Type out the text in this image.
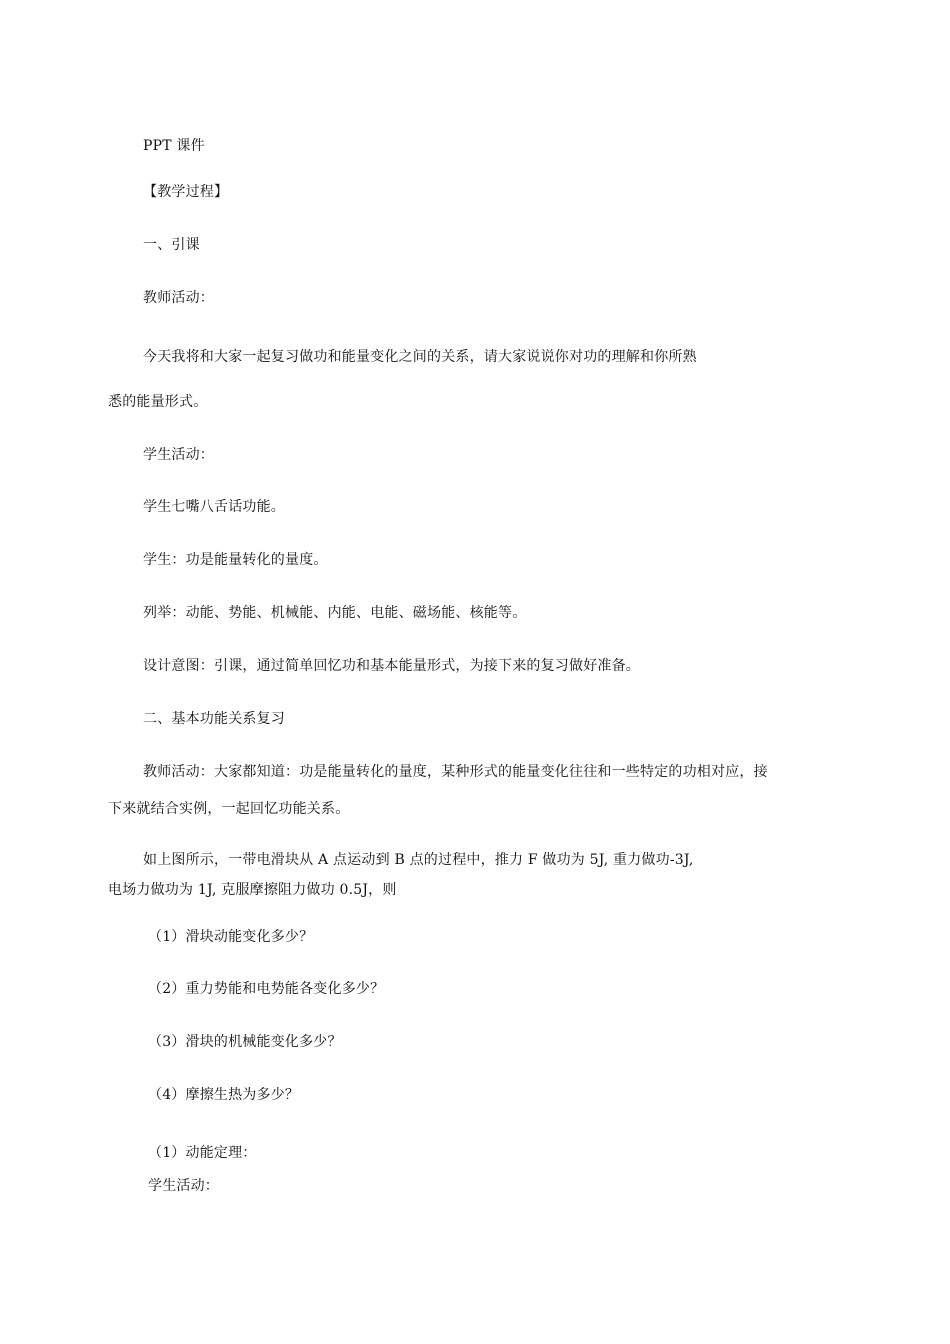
PPT 课件
【教学过程】
一、引课
教师活动：
今天我将和大家一起复习做功和能量变化之间的关系，请大家说说你对功的理解和你所熟
悉的能量形式。
学生活动：
学生七嘴八舌话功能。
学生：功是能量转化的量度。
列举：动能、势能、机械能、内能、电能、磁场能、核能等。
设计意图：引课，通过简单回忆功和基本能量形式，为接下来的复习做好准备。
二、基本功能关系复习
教师活动：大家都知道：功是能量转化的量度，某种形式的能量变化往往和一些特定的功相对应，接
下来就结合实例，一起回忆功能关系。
如上图所示，一带电滑块从 A 点运动到 B 点的过程中，推力 F 做功为 5J, 重力做功-3J,
电场力做功为 1J, 克服摩擦阻力做功 0.5J，则
（1）滑块动能变化多少？
（2）重力势能和电势能各变化多少？
（3）滑块的机械能变化多少？
（4）摩擦生热为多少？
（1）动能定理：
学生活动：
